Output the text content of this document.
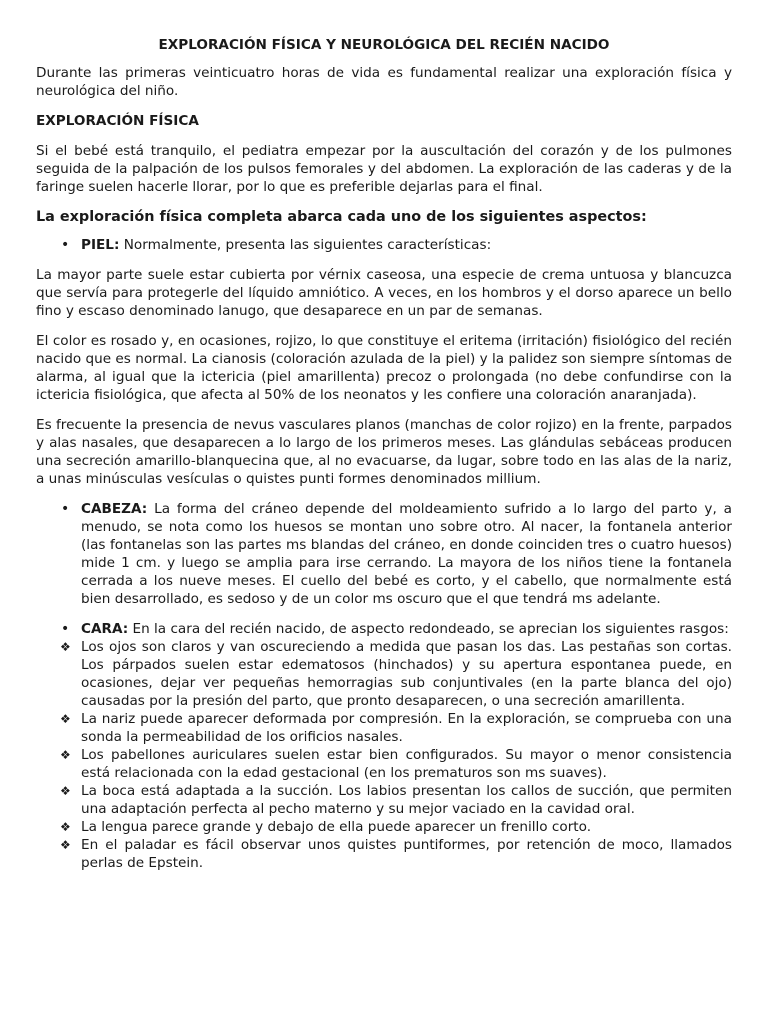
EXPLORACIÓN FÍSICA Y NEUROLÓGICA DEL RECIÉN NACIDO

Durante las primeras veinticuatro horas de vida es fundamental realizar una exploración física y neurológica del niño.

EXPLORACIÓN FÍSICA

Si el bebé está tranquilo, el pediatra empezar por la auscultación del corazón y de los pulmones seguida de la palpación de los pulsos femorales y del abdomen. La exploración de las caderas y de la faringe suelen hacerle llorar, por lo que es preferible dejarlas para el final.

La exploración física completa abarca cada uno de los siguientes aspectos:
• PIEL: Normalmente, presenta las siguientes características:

La mayor parte suele estar cubierta por vérnix caseosa, una especie de crema untuosa y blancuzca que servía para protegerle del líquido amniótico. A veces, en los hombros y el dorso aparece un bello fino y escaso denominado lanugo, que desaparece en un par de semanas.

El color es rosado y, en ocasiones, rojizo, lo que constituye el eritema (irritación) fisiológico del recién nacido que es normal. La cianosis (coloración azulada de la piel) y la palidez son siempre síntomas de alarma, al igual que la ictericia (piel amarillenta) precoz o prolongada (no debe confundirse con la ictericia fisiológica, que afecta al 50% de los neonatos y les confiere una coloración anaranjada).

Es frecuente la presencia de nevus vasculares planos (manchas de color rojizo) en la frente, parpados y alas nasales, que desaparecen a lo largo de los primeros meses. Las glándulas sebáceas producen una secreción amarillo-blanquecina que, al no evacuarse, da lugar, sobre todo en las alas de la nariz, a unas minúsculas vesículas o quistes punti formes denominados millium.

• CABEZA: La forma del cráneo depende del moldeamiento sufrido a lo largo del parto y, a menudo, se nota como los huesos se montan uno sobre otro. Al nacer, la fontanela anterior (las fontanelas son las partes ms blandas del cráneo, en donde coinciden tres o cuatro huesos) mide 1 cm. y luego se amplia para irse cerrando. La mayora de los niños tiene la fontanela cerrada a los nueve meses. El cuello del bebé es corto, y el cabello, que normalmente está bien desarrollado, es sedoso y de un color ms oscuro que el que tendrá ms adelante.
• CARA: En la cara del recién nacido, de aspecto redondeado, se aprecian los siguientes rasgos:
❖ Los ojos son claros y van oscureciendo a medida que pasan los das. Las pestañas son cortas. Los párpados suelen estar edematosos (hinchados) y su apertura espontanea puede, en ocasiones, dejar ver pequeñas hemorragias sub conjuntivales (en la parte blanca del ojo) causadas por la presión del parto, que pronto desaparecen, o una secreción amarillenta.
❖ La nariz puede aparecer deformada por compresión. En la exploración, se comprueba con una sonda la permeabilidad de los orificios nasales.
❖ Los pabellones auriculares suelen estar bien configurados. Su mayor o menor consistencia está relacionada con la edad gestacional (en los prematuros son ms suaves).
❖ La boca está adaptada a la succión. Los labios presentan los callos de succión, que permiten una adaptación perfecta al pecho materno y su mejor vaciado en la cavidad oral.
❖ La lengua parece grande y debajo de ella puede aparecer un frenillo corto.
❖ En el paladar es fácil observar unos quistes puntiformes, por retención de moco, llamados perlas de Epstein.
